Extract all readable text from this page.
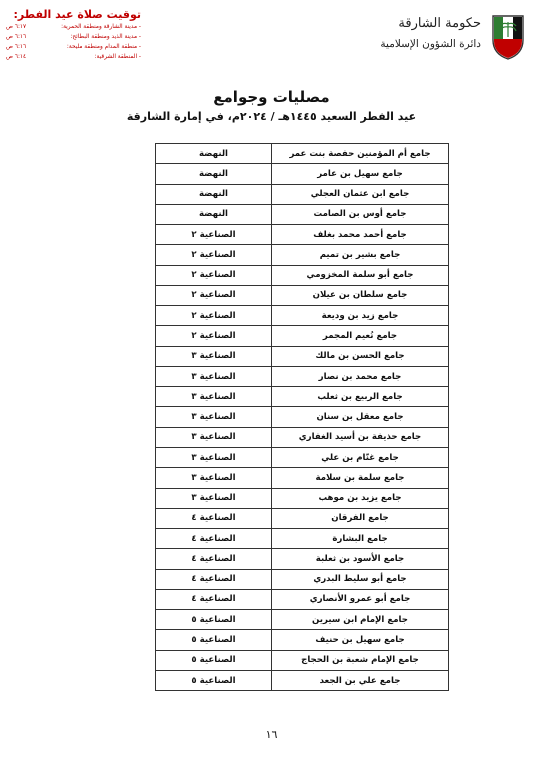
توقيت صلاة عيد الفطر:
- مدينة الشارقة ومنطقة الحمرية:
٦:١٧ ص
- مدينة الذيد ومنطقة البطائح:
٦:١٦ ص
- منطقة المدام ومنطقة مليحة:
٦:١٦ ص
- المنطقة الشرقية:
٦:١٤ ص
حكومة الشارقة
دائرة الشؤون الإسلامية
مصليات وجوامع
عيد الفطر السعيد ١٤٤٥هـ / ٢٠٢٤م، في إمارة الشارقة
جامع أم المؤمنين حفصة بنت عمر	النهضة
جامع سهيل بن عامر	النهضة
جامع ابن عثمان العجلي	النهضة
جامع أوس بن الصامت	النهضة
جامع أحمد محمد بغلف	الصناعية ٢
جامع بشير بن تميم	الصناعية ٢
جامع أبو سلمة المخزومي	الصناعية ٢
جامع سلطان بن عيلان	الصناعية ٢
جامع زيد بن وديعة	الصناعية ٢
جامع نُعيم المجمر	الصناعية ٢
جامع الحسن بن مالك	الصناعية ٣
جامع محمد بن نصار	الصناعية ٣
جامع الربيع بن ثعلب	الصناعية ٣
جامع معقل بن سنان	الصناعية ٣
جامع حذيفة بن أسيد الغفاري	الصناعية ٣
جامع غنّام بن علي	الصناعية ٣
جامع سلمة بن سلامة	الصناعية ٣
جامع يزيد بن موهب	الصناعية ٣
جامع الفرقان	الصناعية ٤
جامع البشارة	الصناعية ٤
جامع الأسود بن ثعلبة	الصناعية ٤
جامع أبو سليط البدري	الصناعية ٤
جامع أبو عمرو الأنصاري	الصناعية ٤
جامع الإمام ابن سيرين	الصناعية ٥
جامع سهيل بن حنيف	الصناعية ٥
جامع الإمام شعبة بن الحجاج	الصناعية ٥
جامع علي بن الجعد	الصناعية ٥
١٦
